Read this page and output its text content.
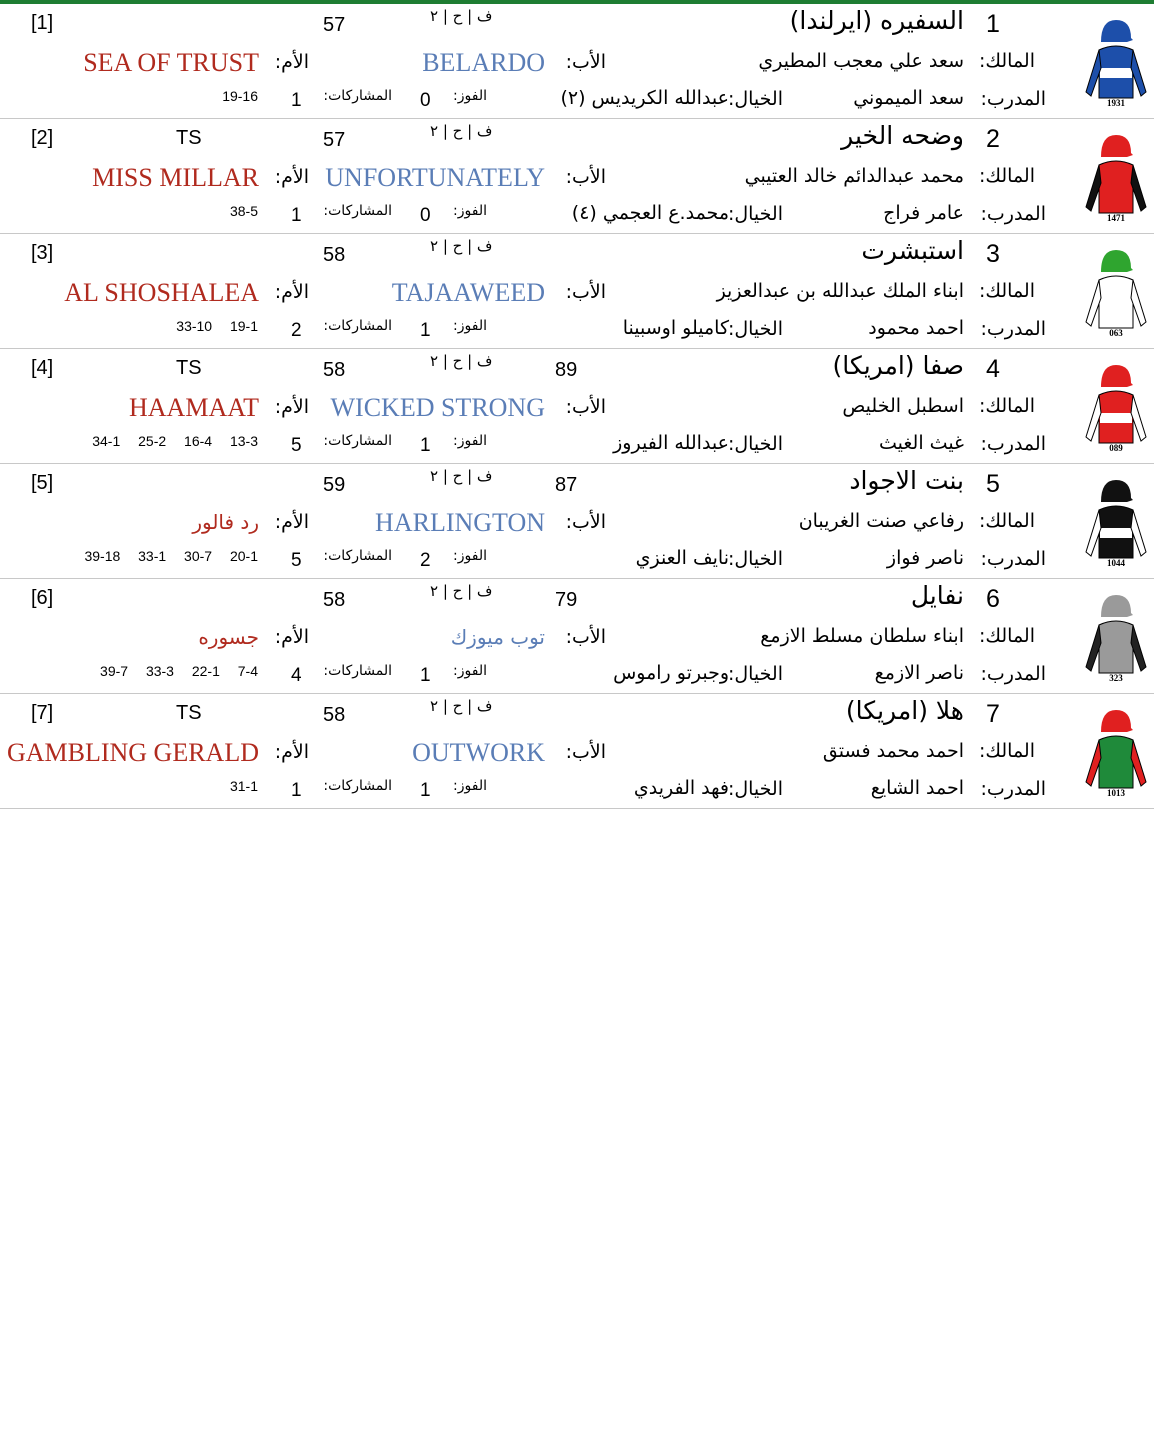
1931
1
السفيره (ايرلندا)
ف | ح | ٢
57
[1]
المالك:
سعد علي معجب المطيري
الأب:
BELARDO
الأم:
SEA OF TRUST
المدرب:
سعد الميموني
الخيال:
عبدالله الكريديس (٢)
الفوز:
0
المشاركات:
1
19-16
1471
2
وضحه الخير
ف | ح | ٢
57
TS
[2]
المالك:
محمد عبدالدائم خالد العتيبي
الأب:
UNFORTUNATELY
الأم:
MISS MILLAR
المدرب:
عامر فراج
الخيال:
محمد.ع العجمي (٤)
الفوز:
0
المشاركات:
1
38-5
063
3
استبشرت
ف | ح | ٢
58
[3]
المالك:
ابناء الملك عبدالله بن عبدالعزيز
الأب:
TAJAAWEED
الأم:
AL SHOSHALEA
المدرب:
احمد محمود
الخيال:
كاميلو اوسبينا
الفوز:
1
المشاركات:
2
33-10 19-1
089
4
صفا (امريكا)
89
ف | ح | ٢
58
TS
[4]
المالك:
اسطبل الخليص
الأب:
WICKED STRONG
الأم:
HAAMAAT
المدرب:
غيث الغيث
الخيال:
عبدالله الفيروز
الفوز:
1
المشاركات:
5
34-1 25-2 16-4 13-3
1044
5
بنت الاجواد
87
ف | ح | ٢
59
[5]
المالك:
رفاعي صنت الغريبان
الأب:
HARLINGTON
الأم:
رد فالور
المدرب:
ناصر فواز
الخيال:
نايف العنزي
الفوز:
2
المشاركات:
5
39-18 33-1 30-7 20-1
323
6
نفايل
79
ف | ح | ٢
58
[6]
المالك:
ابناء سلطان مسلط الازمع
الأب:
توب ميوزك
الأم:
جسوره
المدرب:
ناصر الازمع
الخيال:
وجبرتو راموس
الفوز:
1
المشاركات:
4
39-7 33-3 22-1 7-4
1013
7
هلا (امريكا)
ف | ح | ٢
58
TS
[7]
المالك:
احمد محمد فستق
الأب:
OUTWORK
الأم:
GAMBLING GERALD
المدرب:
احمد الشايع
الخيال:
فهد الفريدي
الفوز:
1
المشاركات:
1
31-1
